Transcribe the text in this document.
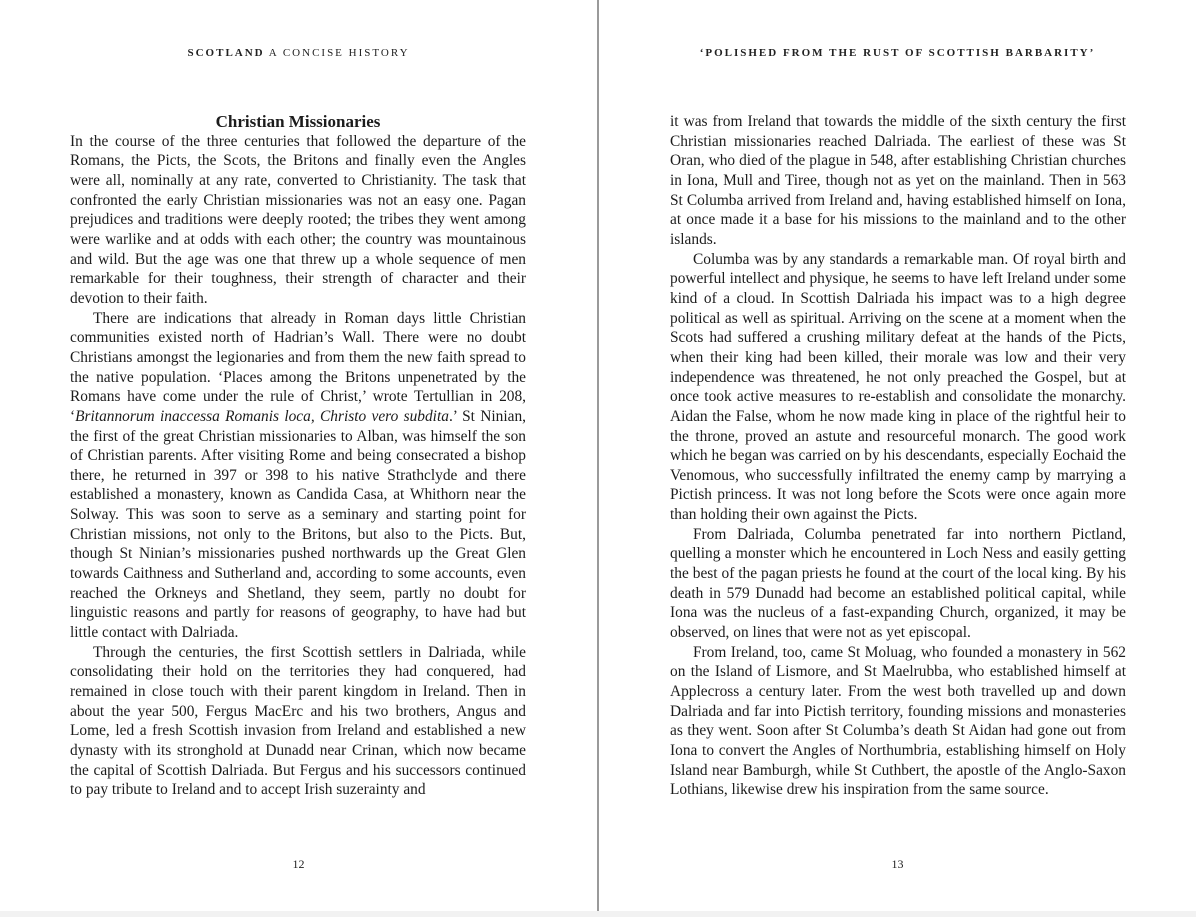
SCOTLAND A CONCISE HISTORY
Christian Missionaries

In the course of the three centuries that followed the departure of the Romans, the Picts, the Scots, the Britons and finally even the Angles were all, nominally at any rate, converted to Christianity. The task that confronted the early Christian missionaries was not an easy one. Pagan prejudices and traditions were deeply rooted; the tribes they went among were warlike and at odds with each other; the country was mountainous and wild. But the age was one that threw up a whole sequence of men remarkable for their toughness, their strength of character and their devotion to their faith.

There are indications that already in Roman days little Christian communities existed north of Hadrian’s Wall. There were no doubt Christians amongst the legionaries and from them the new faith spread to the native population. ‘Places among the Britons unpenetrated by the Romans have come under the rule of Christ,’ wrote Tertullian in 208, ‘Britannorum inaccessa Romanis loca, Christo vero subdita.’ St Ninian, the first of the great Christian missionaries to Alban, was himself the son of Christian parents. After visiting Rome and being consecrated a bishop there, he returned in 397 or 398 to his native Strathclyde and there established a monastery, known as Candida Casa, at Whithorn near the Solway. This was soon to serve as a seminary and starting point for Christian missions, not only to the Britons, but also to the Picts. But, though St Ninian’s missionaries pushed northwards up the Great Glen towards Caithness and Sutherland and, according to some accounts, even reached the Orkneys and Shetland, they seem, partly no doubt for linguistic reasons and partly for reasons of geography, to have had but little contact with Dalriada.

Through the centuries, the first Scottish settlers in Dalriada, while consolidating their hold on the territories they had conquered, had remained in close touch with their parent kingdom in Ireland. Then in about the year 500, Fergus MacErc and his two brothers, Angus and Lome, led a fresh Scottish invasion from Ireland and established a new dynasty with its stronghold at Dunadd near Crinan, which now became the capital of Scottish Dalriada. But Fergus and his successors continued to pay tribute to Ireland and to accept Irish suzerainty and

12
‘POLISHED FROM THE RUST OF SCOTTISH BARBARITY’

it was from Ireland that towards the middle of the sixth century the first Christian missionaries reached Dalriada. The earliest of these was St Oran, who died of the plague in 548, after establishing Christian churches in Iona, Mull and Tiree, though not as yet on the mainland. Then in 563 St Columba arrived from Ireland and, having established himself on Iona, at once made it a base for his missions to the mainland and to the other islands.

Columba was by any standards a remarkable man. Of royal birth and powerful intellect and physique, he seems to have left Ireland under some kind of a cloud. In Scottish Dalriada his impact was to a high degree political as well as spiritual. Arriving on the scene at a moment when the Scots had suffered a crushing military defeat at the hands of the Picts, when their king had been killed, their morale was low and their very independence was threatened, he not only preached the Gospel, but at once took active measures to re-establish and consolidate the monarchy. Aidan the False, whom he now made king in place of the rightful heir to the throne, proved an astute and resourceful monarch. The good work which he began was carried on by his descendants, especially Eochaid the Venomous, who successfully infiltrated the enemy camp by marrying a Pictish princess. It was not long before the Scots were once again more than holding their own against the Picts.

From Dalriada, Columba penetrated far into northern Pictland, quelling a monster which he encountered in Loch Ness and easily getting the best of the pagan priests he found at the court of the local king. By his death in 579 Dunadd had become an established political capital, while Iona was the nucleus of a fast-expanding Church, organized, it may be observed, on lines that were not as yet episcopal.

From Ireland, too, came St Moluag, who founded a monastery in 562 on the Island of Lismore, and St Maelrubba, who established himself at Applecross a century later. From the west both travelled up and down Dalriada and far into Pictish territory, founding missions and monasteries as they went. Soon after St Columba’s death St Aidan had gone out from Iona to convert the Angles of Northumbria, establishing himself on Holy Island near Bamburgh, while St Cuthbert, the apostle of the Anglo-Saxon Lothians, likewise drew his inspiration from the same source.

13
